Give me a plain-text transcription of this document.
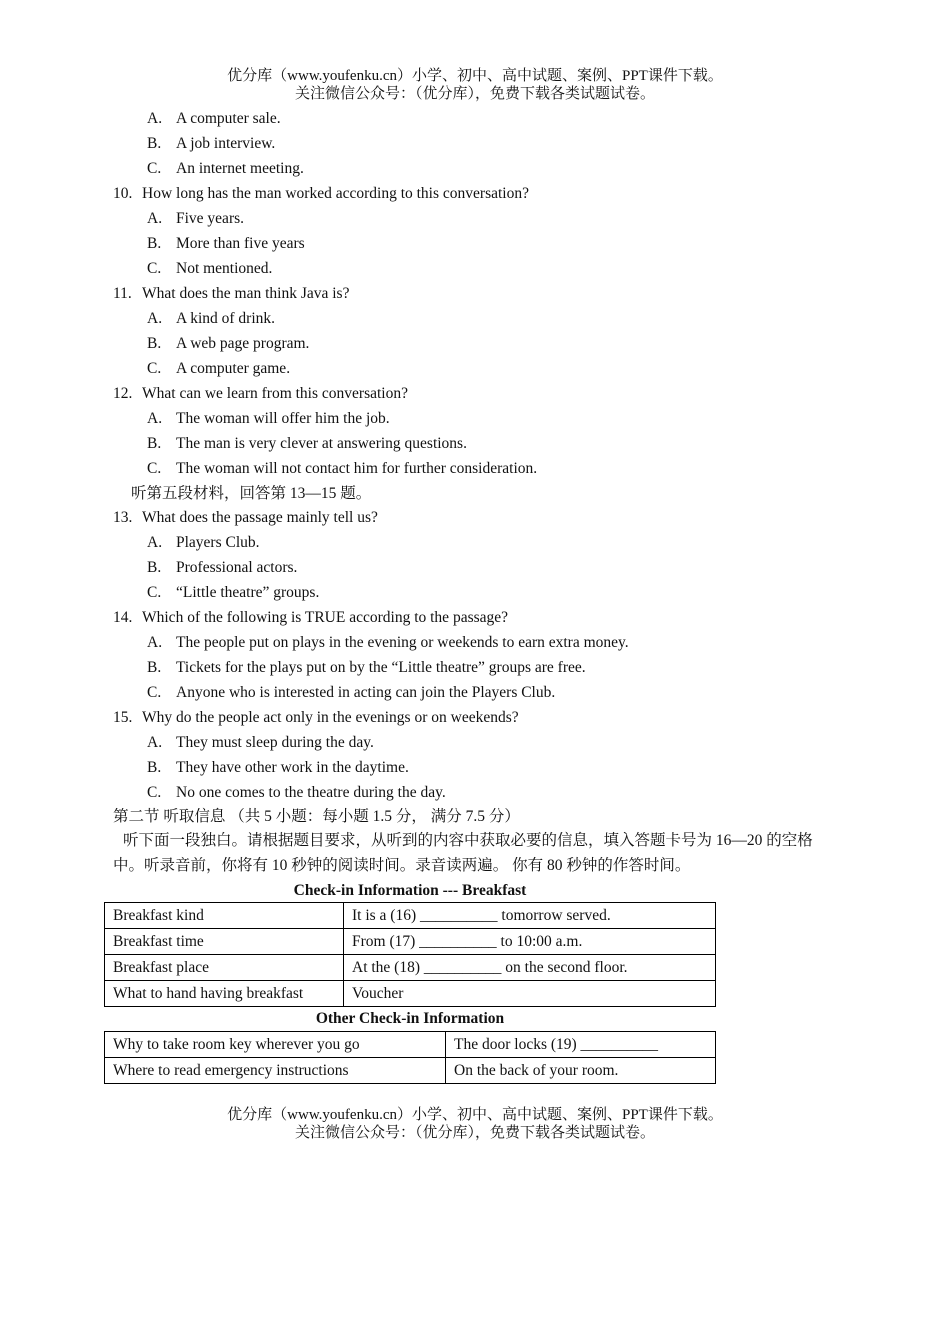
优分库（www.youfenku.cn）小学、初中、高中试题、案例、PPT课件下载。
关注微信公众号：（优分库），免费下载各类试题试卷。
A. A computer sale.
B. A job interview.
C. An internet meeting.
10. How long has the man worked according to this conversation?
A. Five years.
B. More than five years
C. Not mentioned.
11. What does the man think Java is?
A. A kind of drink.
B. A web page program.
C. A computer game.
12. What can we learn from this conversation?
A. The woman will offer him the job.
B. The man is very clever at answering questions.
C. The woman will not contact him for further consideration.
听第五段材料，回答第 13—15 题。
13. What does the passage mainly tell us?
A. Players Club.
B. Professional actors.
C. “Little theatre” groups.
14. Which of the following is TRUE according to the passage?
A. The people put on plays in the evening or weekends to earn extra money.
B. Tickets for the plays put on by the “Little theatre” groups are free.
C. Anyone who is interested in acting can join the Players Club.
15. Why do the people act only in the evenings or on weekends?
A. They must sleep during the day.
B. They have other work in the daytime.
C. No one comes to the theatre during the day.
第二节 听取信息 （共 5 小题：每小题 1.5 分， 满分 7.5 分）
听下面一段独白。请根据题目要求，从听到的内容中获取必要的信息，填入答题卡号为 16—20 的空格中。听录音前，你将有 10 秒钟的阅读时间。录音读两遍。 你有 80 秒钟的作答时间。
Check-in Information --- Breakfast
Breakfast kind	It is a (16) __________ tomorrow served.
Breakfast time	From (17) __________ to 10:00 a.m.
Breakfast place	At the (18) __________ on the second floor.
What to hand having breakfast	Voucher
Other Check-in Information
Why to take room key wherever you go	The door locks (19) __________
Where to read emergency instructions	On the back of your room.
优分库（www.youfenku.cn）小学、初中、高中试题、案例、PPT课件下载。
关注微信公众号：（优分库），免费下载各类试题试卷。
